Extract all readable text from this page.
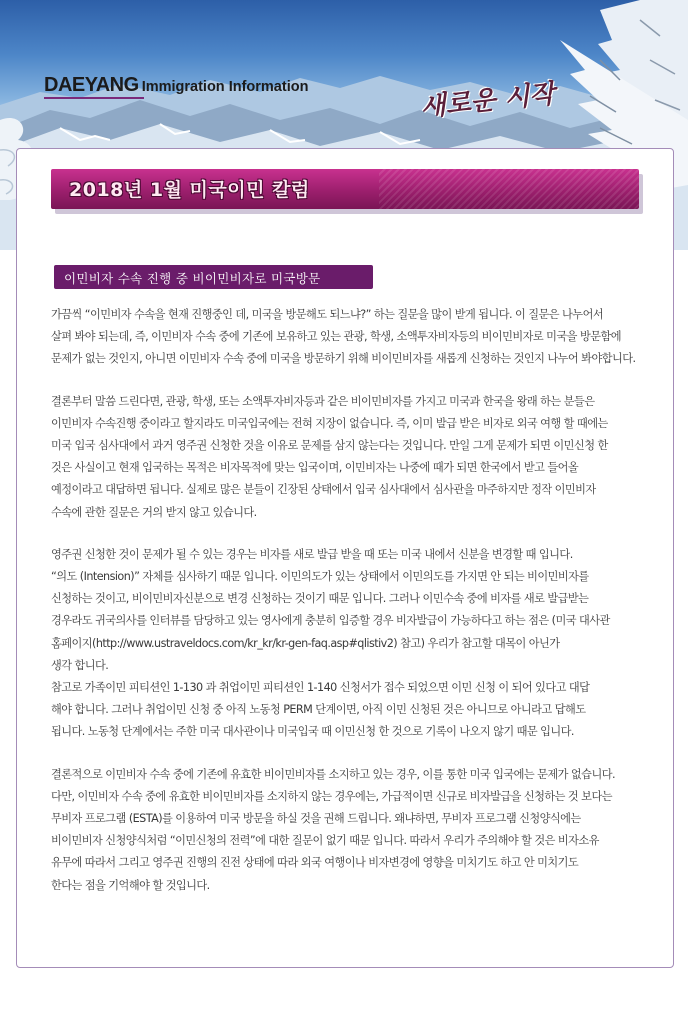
DAEYANG Immigration Information	새로운 시작
2018년 1월 미국이민 칼럼
이민비자 수속 진행 중 비이민비자로 미국방문
가끔씩 “이민비자 수속을 현재 진행중인 데, 미국을 방문해도 되느냐?” 하는 질문을 많이 받게 됩니다. 이 질문은 나누어서
살펴 봐야 되는데, 즉, 이민비자 수속 중에 기존에 보유하고 있는 관광, 학생, 소액투자비자등의 비이민비자로 미국을 방문함에
문제가 없는 것인지, 아니면 이민비자 수속 중에 미국을 방문하기 위해 비이민비자를 새롭게 신청하는 것인지 나누어 봐야합니다.
결론부터 말씀 드린다면, 관광, 학생, 또는 소액투자비자등과 같은 비이민비자를 가지고 미국과 한국을 왕래 하는 분들은
이민비자 수속진행 중이라고 할지라도 미국입국에는 전혀 지장이 없습니다. 즉, 이미 발급 받은 비자로 외국 여행 할 때에는
미국 입국 심사대에서 과거 영주권 신청한 것을 이유로 문제를 삼지 않는다는 것입니다. 만일 그게 문제가 되면 이민신청 한
것은 사실이고 현재 입국하는 목적은 비자목적에 맞는 입국이며, 이민비자는 나중에 때가 되면 한국에서 받고 들어올
예정이라고 대답하면 됩니다. 실제로 많은 분들이 긴장된 상태에서 입국 심사대에서 심사관을 마주하지만 정작 이민비자
수속에 관한 질문은 거의 받지 않고 있습니다.
영주권 신청한 것이 문제가 될 수 있는 경우는 비자를 새로 발급 받을 때 또는 미국 내에서 신분을 변경할 때 입니다.
“의도 (Intension)” 자체를 심사하기 때문 입니다. 이민의도가 있는 상태에서 이민의도를 가지면 안 되는 비이민비자를
신청하는 것이고, 비이민비자신분으로 변경 신청하는 것이기 때문 입니다. 그러나 이민수속 중에 비자를 새로 발급받는
경우라도 귀국의사를 인터뷰를 담당하고 있는 영사에게 충분히 입증할 경우 비자발급이 가능하다고 하는 점은 (미국 대사관
홈페이지(http://www.ustraveldocs.com/kr_kr/kr-gen-faq.asp#qlistiv2) 참고) 우리가 참고할 대목이 아닌가
생각 합니다.
참고로 가족이민 피티션인 1-130 과 취업이민 피티션인 1-140 신청서가 접수 되었으면 이민 신청 이 되어 있다고 대답
해야 합니다. 그러나 취업이민 신청 중 아직 노동청 PERM 단계이면, 아직 이민 신청된 것은 아니므로 아니라고 답해도
됩니다. 노동청 단계에서는 주한 미국 대사관이나 미국입국 때 이민신청 한 것으로 기록이 나오지 않기 때문 입니다.
결론적으로 이민비자 수속 중에 기존에 유효한 비이민비자를 소지하고 있는 경우, 이를 통한 미국 입국에는 문제가 없습니다.
다만, 이민비자 수속 중에 유효한 비이민비자를 소지하지 않는 경우에는, 가급적이면 신규로 비자발급을 신청하는 것 보다는
무비자 프로그램 (ESTA)를 이용하여 미국 방문을 하실 것을 권해 드립니다. 왜냐하면, 무비자 프로그램 신청양식에는
비이민비자 신청양식처럼 “이민신청의 전력”에 대한 질문이 없기 때문 입니다. 따라서 우리가 주의해야 할 것은 비자소유
유무에 따라서 그리고 영주권 진행의 진전 상태에 따라 외국 여행이나 비자변경에 영향을 미치기도 하고 안 미치기도
한다는 점을 기억해야 할 것입니다.
